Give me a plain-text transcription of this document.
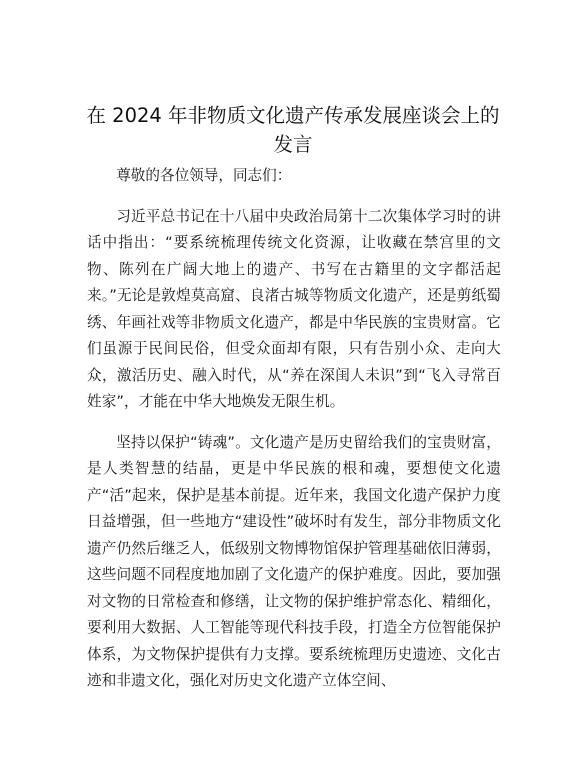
在 2024 年非物质文化遗产传承发展座谈会上的发言

尊敬的各位领导，同志们：

习近平总书记在十八届中央政治局第十二次集体学习时的讲话中指出：“要系统梳理传统文化资源，让收藏在禁宫里的文物、陈列在广阔大地上的遗产、书写在古籍里的文字都活起来。”无论是敦煌莫高窟、良渚古城等物质文化遗产，还是剪纸蜀绣、年画社戏等非物质文化遗产，都是中华民族的宝贵财富。它们虽源于民间民俗，但受众面却有限，只有告别小众、走向大众，激活历史、融入时代，从“养在深闺人未识”到“飞入寻常百姓家”，才能在中华大地焕发无限生机。

坚持以保护“铸魂”。文化遗产是历史留给我们的宝贵财富，是人类智慧的结晶，更是中华民族的根和魂，要想使文化遗产“活”起来，保护是基本前提。近年来，我国文化遗产保护力度日益增强，但一些地方“建设性”破坏时有发生，部分非物质文化遗产仍然后继乏人，低级别文物博物馆保护管理基础依旧薄弱，这些问题不同程度地加剧了文化遗产的保护难度。因此，要加强对文物的日常检查和修缮，让文物的保护维护常态化、精细化，要利用大数据、人工智能等现代科技手段，打造全方位智能保护体系，为文物保护提供有力支撑。要系统梳理历史遗迹、文化古迹和非遗文化，强化对历史文化遗产立体空间、
